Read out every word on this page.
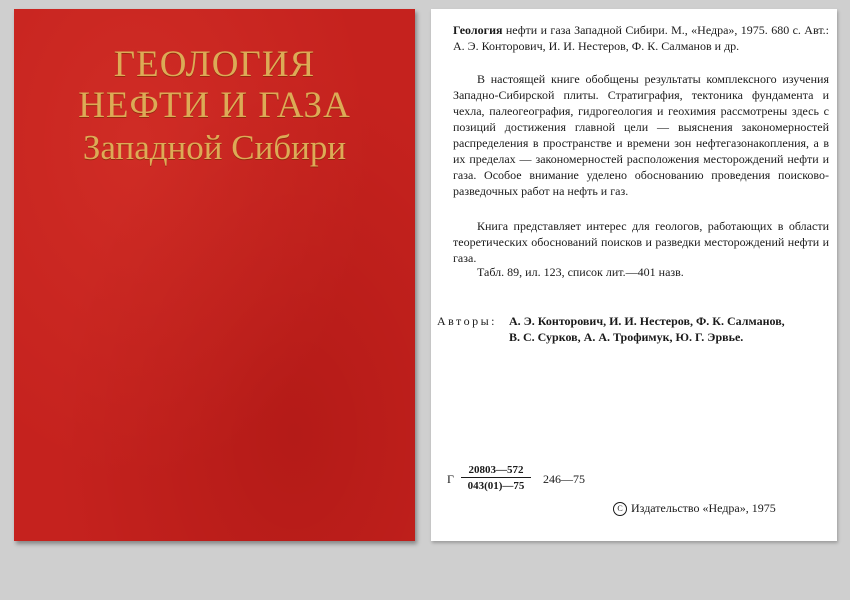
ГЕОЛОГИЯ
НЕФТИ И ГАЗА
Западной Сибири
Геология нефти и газа Западной Сибири. М., «Недра», 1975. 680 с. Авт.: А. Э. Конторович, И. И. Нестеров, Ф. К. Салманов и др.
В настоящей книге обобщены результаты комплексного изучения Западно-Сибирской плиты. Стратиграфия, тектоника фундамента и чехла, палеогеография, гидрогеология и геохимия рассмотрены здесь с позиций достижения главной цели — выяснения закономерностей распределения в пространстве и времени зон нефтегазонакопления, а в их пределах — закономерностей расположения месторождений нефти и газа. Особое внимание уделено обоснованию проведения поисково-разведочных работ на нефть и газ.
Книга представляет интерес для геологов, работающих в области теоретических обоснований поисков и разведки месторождений нефти и газа.
Табл. 89, ил. 123, список лит.—401 назв.
Авторы: А. Э. Конторович, И. И. Нестеров, Ф. К. Салманов,
В. С. Сурков, А. А. Трофимук, Ю. Г. Эрвье.
Г
20803—572
043(01)—75	246—75
C Издательство «Недра», 1975
